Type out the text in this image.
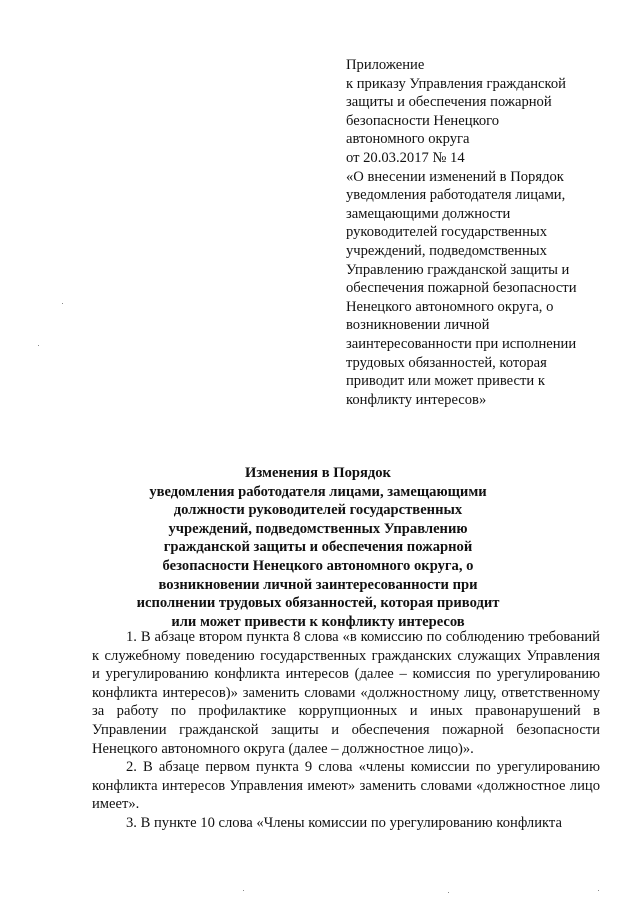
Приложение
к приказу Управления гражданской
защиты и обеспечения пожарной
безопасности Ненецкого
автономного округа
от 20.03.2017 № 14
«О внесении изменений в Порядок
уведомления работодателя лицами,
замещающими должности
руководителей государственных
учреждений, подведомственных
Управлению гражданской защиты и
обеспечения пожарной безопасности
Ненецкого автономного округа, о
возникновении личной
заинтересованности при исполнении
трудовых обязанностей, которая
приводит или может привести к
конфликту интересов»
Изменения в Порядок
уведомления работодателя лицами, замещающими
должности руководителей государственных
учреждений, подведомственных Управлению
гражданской защиты и обеспечения пожарной
безопасности Ненецкого автономного округа, о
возникновении личной заинтересованности при
исполнении трудовых обязанностей, которая приводит
или может привести к конфликту интересов

1. В абзаце втором пункта 8 слова «в комиссию по соблюдению требований к служебному поведению государственных гражданских служащих Управления и урегулированию конфликта интересов (далее – комиссия по урегулированию конфликта интересов)» заменить словами «должностному лицу, ответственному за работу по профилактике коррупционных и иных правонарушений в Управлении гражданской защиты и обеспечения пожарной безопасности Ненецкого автономного округа (далее – должностное лицо)».

2. В абзаце первом пункта 9 слова «члены комиссии по урегулированию конфликта интересов Управления имеют» заменить словами «должностное лицо имеет».

3. В пункте 10 слова «Члены комиссии по урегулированию конфликта
